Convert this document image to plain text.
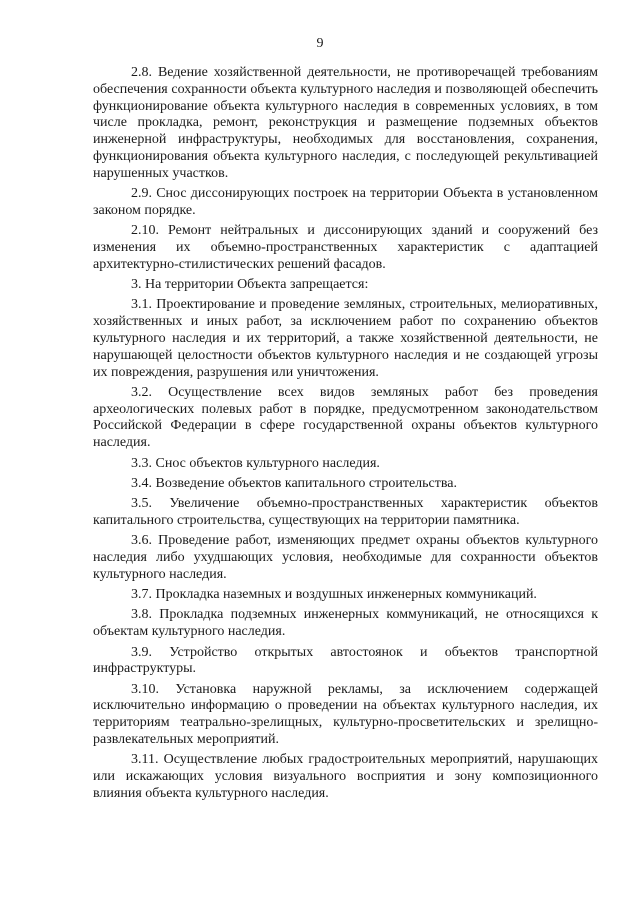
9

2.8. Ведение хозяйственной деятельности, не противоречащей требованиям обеспечения сохранности объекта культурного наследия и позволяющей обеспечить функционирование объекта культурного наследия в современных условиях, в том числе прокладка, ремонт, реконструкция и размещение подземных объектов инженерной инфраструктуры, необходимых для восстановления, сохранения, функционирования объекта культурного наследия, с последующей рекультивацией нарушенных участков.

2.9. Снос диссонирующих построек на территории Объекта в установленном законом порядке.

2.10. Ремонт нейтральных и диссонирующих зданий и сооружений без изменения их объемно-пространственных характеристик с адаптацией архитектурно-стилистических решений фасадов.

3. На территории Объекта запрещается:

3.1. Проектирование и проведение земляных, строительных, мелиоративных, хозяйственных и иных работ, за исключением работ по сохранению объектов культурного наследия и их территорий, а также хозяйственной деятельности, не нарушающей целостности объектов культурного наследия и не создающей угрозы их повреждения, разрушения или уничтожения.

3.2. Осуществление всех видов земляных работ без проведения археологических полевых работ в порядке, предусмотренном законодательством Российской Федерации в сфере государственной охраны объектов культурного наследия.

3.3. Снос объектов культурного наследия.

3.4. Возведение объектов капитального строительства.

3.5. Увеличение объемно-пространственных характеристик объектов капитального строительства, существующих на территории памятника.

3.6. Проведение работ, изменяющих предмет охраны объектов культурного наследия либо ухудшающих условия, необходимые для сохранности объектов культурного наследия.

3.7. Прокладка наземных и воздушных инженерных коммуникаций.

3.8. Прокладка подземных инженерных коммуникаций, не относящихся к объектам культурного наследия.

3.9. Устройство открытых автостоянок и объектов транспортной инфраструктуры.

3.10. Установка наружной рекламы, за исключением содержащей исключительно информацию о проведении на объектах культурного наследия, их территориям театрально-зрелищных, культурно-просветительских и зрелищно-развлекательных мероприятий.

3.11. Осуществление любых градостроительных мероприятий, нарушающих или искажающих условия визуального восприятия и зону композиционного влияния объекта культурного наследия.
